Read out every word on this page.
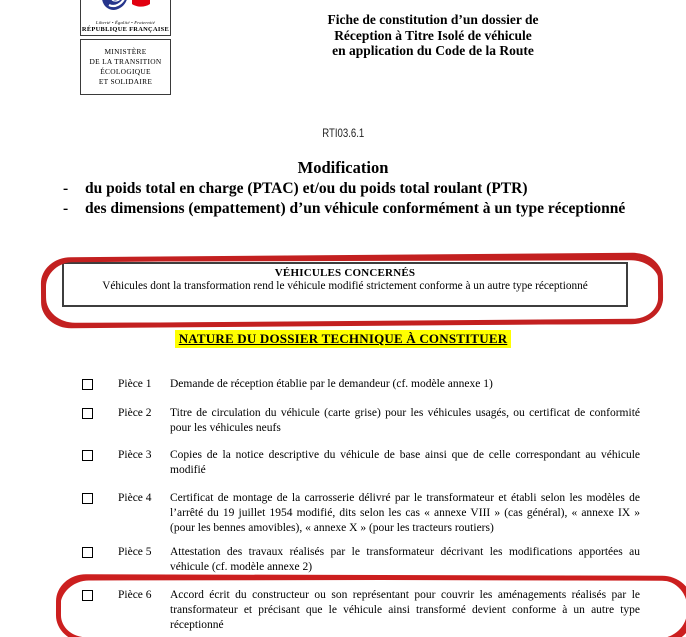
Liberté • Égalité • Fraternité
RÉPUBLIQUE FRANÇAISE
MINISTÈRE
DE LA TRANSITION
ÉCOLOGIQUE
ET SOLIDAIRE
Fiche de constitution d’un dossier de
Réception à Titre Isolé de véhicule
en application du Code de la Route
RTI03.6.1
Modification
- du poids total en charge (PTAC) et/ou du poids total roulant (PTR)
- des dimensions (empattement) d’un véhicule conformément à un type réceptionné
VÉHICULES CONCERNÉS
Véhicules dont la transformation rend le véhicule modifié strictement conforme à un autre type réceptionné
NATURE DU DOSSIER TECHNIQUE À CONSTITUER
Pièce 1 Demande de réception établie par le demandeur (cf. modèle annexe 1)
Pièce 2 Titre de circulation du véhicule (carte grise) pour les véhicules usagés, ou certificat de conformité pour les véhicules neufs
Pièce 3 Copies de la notice descriptive du véhicule de base ainsi que de celle correspondant au véhicule modifié
Pièce 4 Certificat de montage de la carrosserie délivré par le transformateur et établi selon les modèles de l’arrêté du 19 juillet 1954 modifié, dits selon les cas « annexe VIII » (cas général), « annexe IX » (pour les bennes amovibles), « annexe X » (pour les tracteurs routiers)
Pièce 5 Attestation des travaux réalisés par le transformateur décrivant les modifications apportées au véhicule (cf. modèle annexe 2)
Pièce 6 Accord écrit du constructeur ou son représentant pour couvrir les aménagements réalisés par le transformateur et précisant que le véhicule ainsi transformé devient conforme à un autre type réceptionné
